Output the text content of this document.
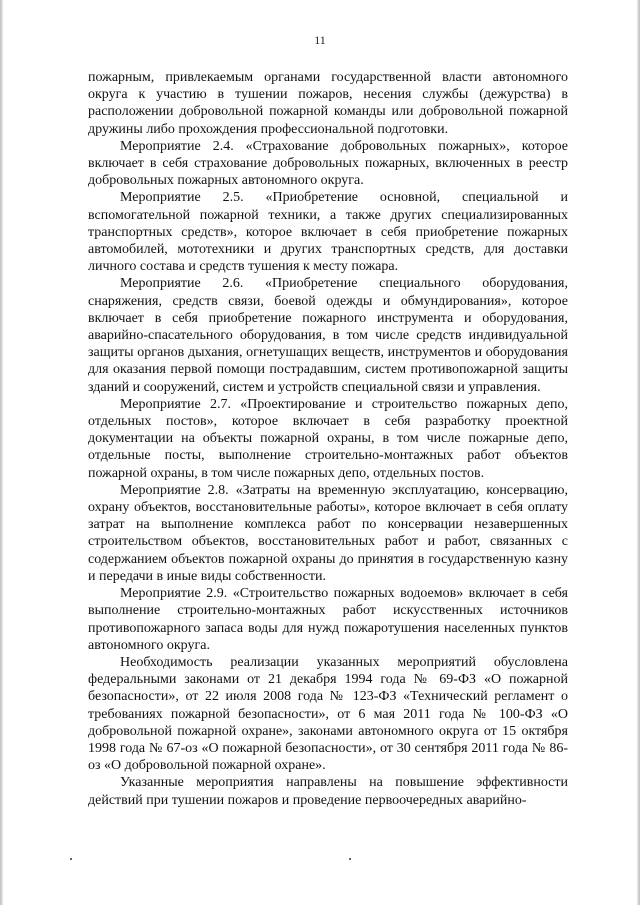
11

пожарным, привлекаемым органами государственной власти автономного округа к участию в тушении пожаров, несения службы (дежурства) в расположении добровольной пожарной команды или добровольной пожарной дружины либо прохождения профессиональной подготовки.

Мероприятие 2.4. «Страхование добровольных пожарных», которое включает в себя страхование добровольных пожарных, включенных в реестр добровольных пожарных автономного округа.

Мероприятие 2.5. «Приобретение основной, специальной и вспомогательной пожарной техники, а также других специализированных транспортных средств», которое включает в себя приобретение пожарных автомобилей, мототехники и других транспортных средств, для доставки личного состава и средств тушения к месту пожара.

Мероприятие 2.6. «Приобретение специального оборудования, снаряжения, средств связи, боевой одежды и обмундирования», которое включает в себя приобретение пожарного инструмента и оборудования, аварийно-спасательного оборудования, в том числе средств индивидуальной защиты органов дыхания, огнетушащих веществ, инструментов и оборудования для оказания первой помощи пострадавшим, систем противопожарной защиты зданий и сооружений, систем и устройств специальной связи и управления.

Мероприятие 2.7. «Проектирование и строительство пожарных депо, отдельных постов», которое включает в себя разработку проектной документации на объекты пожарной охраны, в том числе пожарные депо, отдельные посты, выполнение строительно-монтажных работ объектов пожарной охраны, в том числе пожарных депо, отдельных постов.

Мероприятие 2.8. «Затраты на временную эксплуатацию, консервацию, охрану объектов, восстановительные работы», которое включает в себя оплату затрат на выполнение комплекса работ по консервации незавершенных строительством объектов, восстановительных работ и работ, связанных с содержанием объектов пожарной охраны до принятия в государственную казну и передачи в иные виды собственности.

Мероприятие 2.9. «Строительство пожарных водоемов» включает в себя выполнение строительно-монтажных работ искусственных источников противопожарного запаса воды для нужд пожаротушения населенных пунктов автономного округа.

Необходимость реализации указанных мероприятий обусловлена федеральными законами от 21 декабря 1994 года № 69-ФЗ «О пожарной безопасности», от 22 июля 2008 года № 123-ФЗ «Технический регламент о требованиях пожарной безопасности», от 6 мая 2011 года № 100-ФЗ «О добровольной пожарной охране», законами автономного округа от 15 октября 1998 года № 67-оз «О пожарной безопасности», от 30 сентября 2011 года № 86-оз «О добровольной пожарной охране».

Указанные мероприятия направлены на повышение эффективности действий при тушении пожаров и проведение первоочередных аварийно-
